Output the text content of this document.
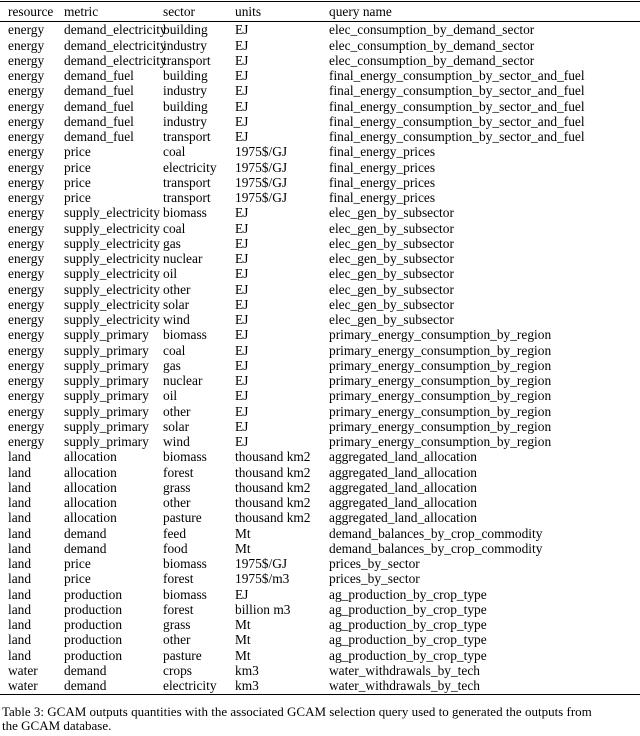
resource	metric	sector	units	query name
energy	demand_electricity	building	EJ	elec_consumption_by_demand_sector
energy	demand_electricity	industry	EJ	elec_consumption_by_demand_sector
energy	demand_electricity	transport	EJ	elec_consumption_by_demand_sector
energy	demand_fuel	building	EJ	final_energy_consumption_by_sector_and_fuel
energy	demand_fuel	industry	EJ	final_energy_consumption_by_sector_and_fuel
energy	demand_fuel	building	EJ	final_energy_consumption_by_sector_and_fuel
energy	demand_fuel	industry	EJ	final_energy_consumption_by_sector_and_fuel
energy	demand_fuel	transport	EJ	final_energy_consumption_by_sector_and_fuel
energy	price	coal	1975$/GJ	final_energy_prices
energy	price	electricity	1975$/GJ	final_energy_prices
energy	price	transport	1975$/GJ	final_energy_prices
energy	price	transport	1975$/GJ	final_energy_prices
energy	supply_electricity	biomass	EJ	elec_gen_by_subsector
energy	supply_electricity	coal	EJ	elec_gen_by_subsector
energy	supply_electricity	gas	EJ	elec_gen_by_subsector
energy	supply_electricity	nuclear	EJ	elec_gen_by_subsector
energy	supply_electricity	oil	EJ	elec_gen_by_subsector
energy	supply_electricity	other	EJ	elec_gen_by_subsector
energy	supply_electricity	solar	EJ	elec_gen_by_subsector
energy	supply_electricity	wind	EJ	elec_gen_by_subsector
energy	supply_primary	biomass	EJ	primary_energy_consumption_by_region
energy	supply_primary	coal	EJ	primary_energy_consumption_by_region
energy	supply_primary	gas	EJ	primary_energy_consumption_by_region
energy	supply_primary	nuclear	EJ	primary_energy_consumption_by_region
energy	supply_primary	oil	EJ	primary_energy_consumption_by_region
energy	supply_primary	other	EJ	primary_energy_consumption_by_region
energy	supply_primary	solar	EJ	primary_energy_consumption_by_region
energy	supply_primary	wind	EJ	primary_energy_consumption_by_region
land	allocation	biomass	thousand km2	aggregated_land_allocation
land	allocation	forest	thousand km2	aggregated_land_allocation
land	allocation	grass	thousand km2	aggregated_land_allocation
land	allocation	other	thousand km2	aggregated_land_allocation
land	allocation	pasture	thousand km2	aggregated_land_allocation
land	demand	feed	Mt	demand_balances_by_crop_commodity
land	demand	food	Mt	demand_balances_by_crop_commodity
land	price	biomass	1975$/GJ	prices_by_sector
land	price	forest	1975$/m3	prices_by_sector
land	production	biomass	EJ	ag_production_by_crop_type
land	production	forest	billion m3	ag_production_by_crop_type
land	production	grass	Mt	ag_production_by_crop_type
land	production	other	Mt	ag_production_by_crop_type
land	production	pasture	Mt	ag_production_by_crop_type
water	demand	crops	km3	water_withdrawals_by_tech
water	demand	electricity	km3	water_withdrawals_by_tech
Table 3: GCAM outputs quantities with the associated GCAM selection query used to generated the outputs from the GCAM database.
